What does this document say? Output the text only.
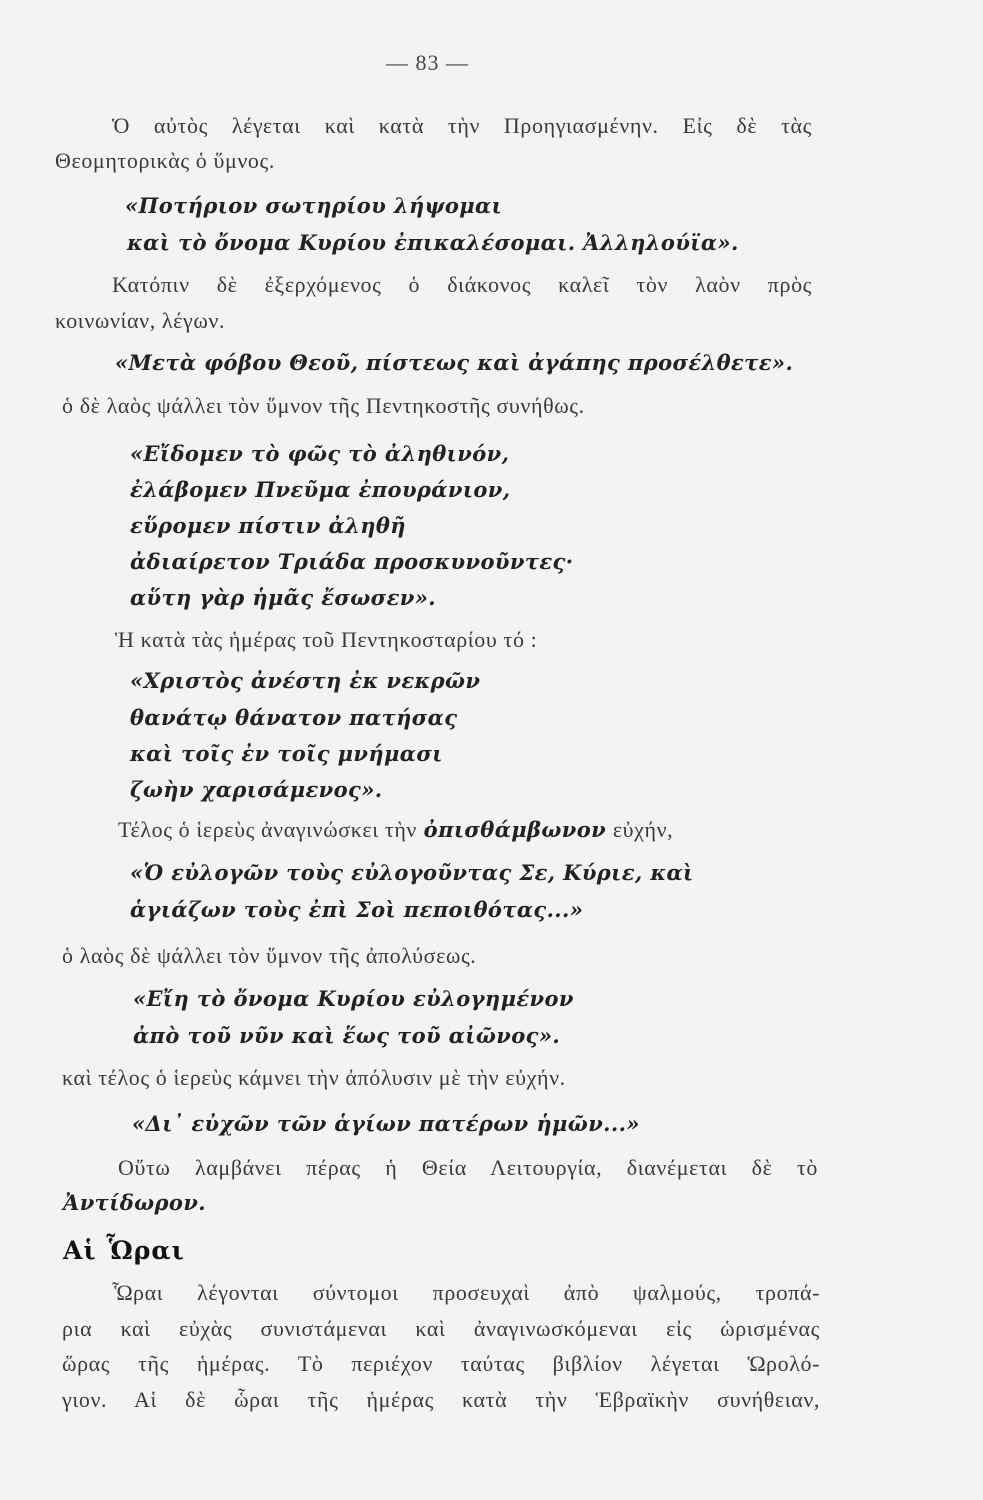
— 83 —
Ὁ αὐτὸς λέγεται καὶ κατὰ τὴν Προηγιασμένην. Εἰς δὲ τὰς
Θεομητορικὰς ὁ ὕμνος.
«Ποτήριον σωτηρίου λήψομαι
καὶ τὸ ὄνομα Κυρίου ἐπικαλέσομαι. Ἀλληλούϊα».
Κατόπιν δὲ ἐξερχόμενος ὁ διάκονος καλεῖ τὸν λαὸν πρὸς
κοινωνίαν, λέγων.
«Μετὰ φόβου Θεοῦ, πίστεως καὶ ἀγάπης προσέλθετε».
ὁ δὲ λαὸς ψάλλει τὸν ὕμνον τῆς Πεντηκοστῆς συνήθως.
«Εἴδομεν τὸ φῶς τὸ ἀληθινόν,
ἐλάβομεν Πνεῦμα ἐπουράνιον,
εὕρομεν πίστιν ἀληθῆ
ἀδιαίρετον Τριάδα προσκυνοῦντες·
αὕτη γὰρ ἡμᾶς ἔσωσεν».
Ἡ κατὰ τὰς ἡμέρας τοῦ Πεντηκοσταρίου τό :
«Χριστὸς ἀνέστη ἐκ νεκρῶν
θανάτῳ θάνατον πατήσας
καὶ τοῖς ἐν τοῖς μνήμασι
ζωὴν χαρισάμενος».
Τέλος ὁ ἱερεὺς ἀναγινώσκει τὴν ὀπισθάμβωνον εὐχήν,
«Ὁ εὐλογῶν τοὺς εὐλογοῦντας Σε, Κύριε, καὶ
ἁγιάζων τοὺς ἐπὶ Σοὶ πεποιθότας...»
ὁ λαὸς δὲ ψάλλει τὸν ὕμνον τῆς ἀπολύσεως.
«Εἴη τὸ ὄνομα Κυρίου εὐλογημένον
ἀπὸ τοῦ νῦν καὶ ἕως τοῦ αἰῶνος».
καὶ τέλος ὁ ἱερεὺς κάμνει τὴν ἀπόλυσιν μὲ τὴν εὐχήν.
«Δι᾽ εὐχῶν τῶν ἁγίων πατέρων ἡμῶν...»
Οὕτω λαμβάνει πέρας ἡ Θεία Λειτουργία, διανέμεται δὲ τὸ
Ἀντίδωρον.
Αἱ Ὧραι
Ὧραι λέγονται σύντομοι προσευχαὶ ἀπὸ ψαλμούς, τροπά-
ρια καὶ εὐχὰς συνιστάμεναι καὶ ἀναγινωσκόμεναι εἰς ὡρισμένας
ὥρας τῆς ἡμέρας. Τὸ περιέχον ταύτας βιβλίον λέγεται Ὡρολό-
γιον. Αἱ δὲ ὧραι τῆς ἡμέρας κατὰ τὴν Ἑβραϊκὴν συνήθειαν,
